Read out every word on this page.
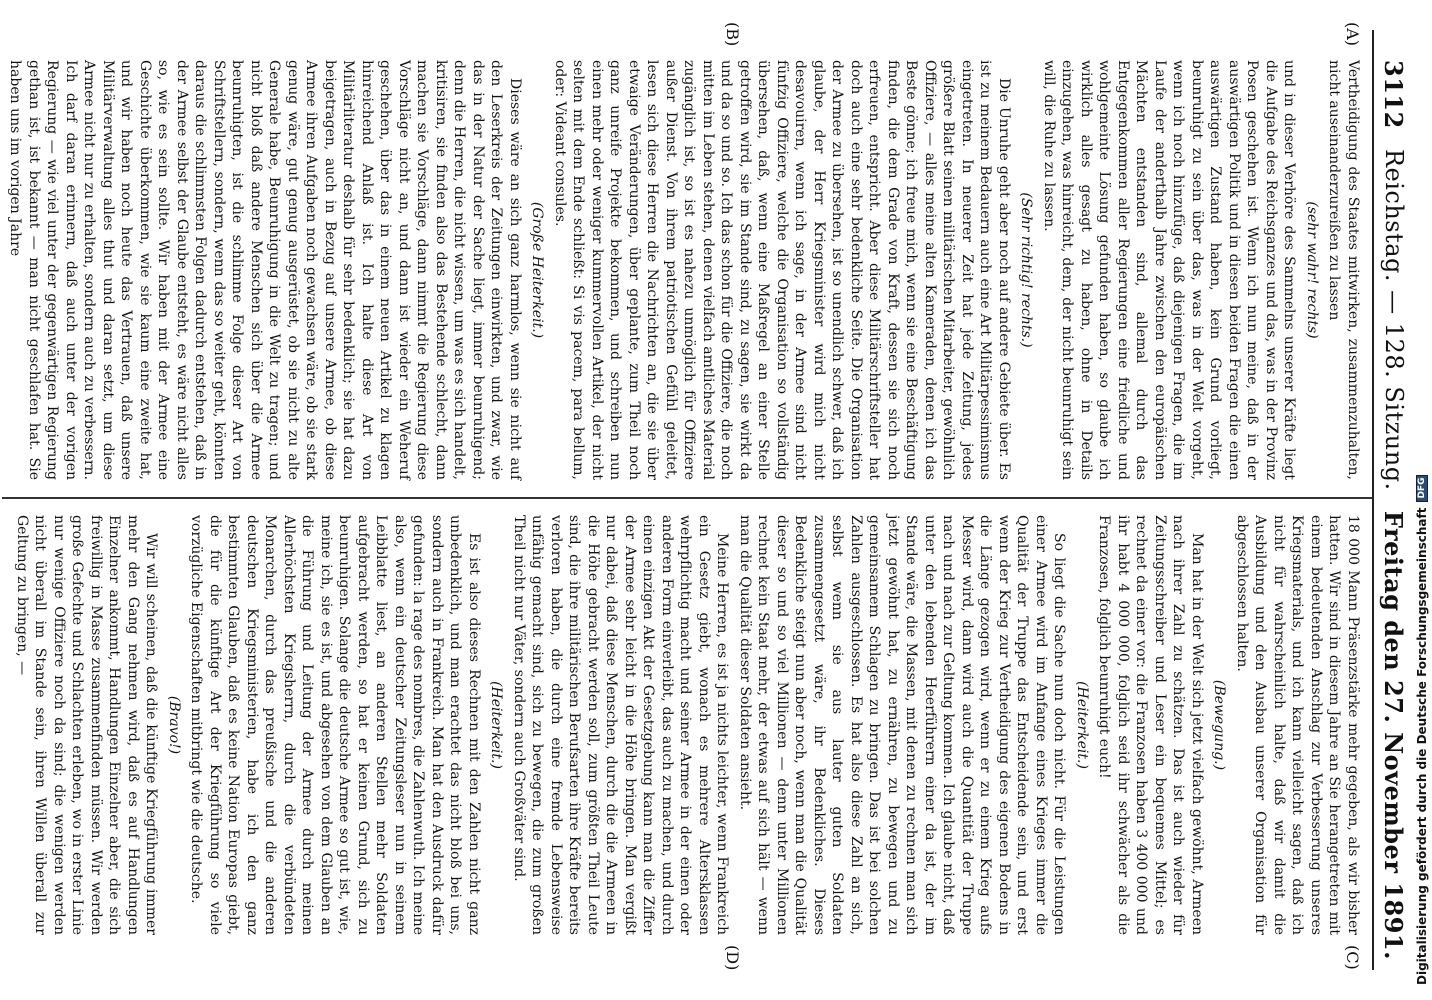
3112
Reichstag. — 128. Sitzung.
Freitag den 27. November 1891.
(A)
(B)
(C)
(D)

Vertheidigung des Staates mitwirken, zusammenzuhalten, nicht auseinanderzureißen zu lassen

(sehr wahr! rechts)

und in dieser Verhöre des Sammelns unserer Kräfte liegt die Aufgabe des Reichsganzes und das, was in der Provinz Posen geschehen ist. Wenn ich nun meine, daß in der auswärtigen Politik und in diesen beiden Fragen die einen auswärtigen Zustand haben, kein Grund vorliegt, beunruhigt zu sein über das, was in der Welt vorgeht, wenn ich noch hinzufüge, daß diejenigen Fragen, die im Laufe der anderthalb Jahre zwischen den europäischen Mächten entstanden sind, allemal durch das Entgegenkommen aller Regierungen eine friedliche und wohlgemeinte Lösung gefunden haben, so glaube ich wirklich alles gesagt zu haben, ohne in Details einzugehen, was hinreicht, dem, der nicht beunruhigt sein will, die Ruhe zu lassen.

(Sehr richtig! rechts.)

Die Unruhe geht aber noch auf andere Gebiete über. Es ist zu meinem Bedauern auch eine Art Militärpessimismus eingetreten. In neuerer Zeit hat jede Zeitung, jedes größere Blatt seinen militärischen Mitarbeiter, gewöhnlich Offiziere, — alles meine alten Kameraden, denen ich das Beste gönne; ich freue mich, wenn sie eine Beschäftigung finden, die dem Grade von Kraft, dessen sie sich noch erfreuen, entspricht. Aber diese Militärschriftsteller hat doch auch eine sehr bedenkliche Seite. Die Organisation der Armee zu übersehen, ist so unendlich schwer, daß ich glaube, der Herr Kriegsminister wird mich nicht desavouiren, wenn ich sage, in der Armee sind nicht fünfzig Offiziere, welche die Organisation so vollständig übersehen, daß, wenn eine Maßregel an einer Stelle getroffen wird, sie im Stande sind, zu sagen, sie wirkt da und da so und so. Ich das schon für die Offiziere, die noch mitten im Leben stehen, denen vielfach amtliches Material zugänglich ist, so ist es nahezu unmöglich für Offiziere außer Dienst. Von ihrem patriotischen Gefühl geleitet, lesen sich diese Herren die Nachrichten an, die sie über etwaige Veränderungen, über geplante, zum Theil noch ganz unreife Projekte bekommen, und schreiben nun einen mehr oder weniger kummervollen Artikel, der nicht selten mit dem Ende schließt: Si vis pacem, para bellum, oder: Videant consules.

(Große Heiterkeit.)

Dieses wäre an sich ganz harmlos, wenn sie nicht auf den Leserkreis der Zeitungen einwirkten, und zwar, wie das in der Natur der Sache liegt, immer beunruhigend; denn die Herren, die nicht wissen, um was es sich handelt, kritisiren, sie finden also das Bestehende schlecht, dann machen sie Vorschläge, dann nimmt die Regierung diese Vorschläge nicht an, und dann ist wieder ein Weheruf geschehen, über das in einem neuen Artikel zu klagen hinreichend Anlaß ist. Ich halte diese Art von Militärliteratur deshalb für sehr bedenklich; sie hat dazu beigetragen, auch in Bezug auf unsere Armee, ob diese Armee ihren Aufgaben noch gewachsen wäre, ob sie stark genug wäre, gut genug ausgerüstet, ob sie nicht zu alte Generale habe, Beunruhigung in die Welt zu tragen; und nicht bloß daß andere Menschen sich über die Armee beunruhigten, ist die schlimme Folge dieser Art von Schriftstellern, sondern, wenn das so weiter geht, könnten daraus die schlimmsten Folgen dadurch entstehen, daß in der Armee selbst der Glaube entsteht, es wäre nicht alles so, wie es sein sollte. Wir haben mit der Armee eine Geschichte überkommen, wie sie kaum eine zweite hat, und wir haben noch heute das Vertrauen, daß unsere Militärverwaltung alles thut und daran setzt, um diese Armee nicht nur zu erhalten, sondern auch zu verbessern. Ich darf daran erinnern, daß auch unter der vorigen Regierung — wie viel unter der gegenwärtigen Regierung gethan ist, ist bekannt — man nicht geschlafen hat. Sie haben uns im vorigen Jahre

18 000 Mann Präsenzstärke mehr gegeben, als wir bisher hatten. Wir sind in diesem Jahre an Sie herangetreten mit einem bedeutenden Anschlag zur Verbesserung unseres Kriegsmaterials, und ich kann vielleicht sagen, daß ich nicht für wahrscheinlich halte, daß wir damit die Ausbildung und den Ausbau unserer Organisation für abgeschlossen halten.

(Bewegung.)

Man hat in der Welt sich jetzt vielfach gewöhnt, Armeen nach ihrer Zahl zu schätzen. Das ist auch wieder für Zeitungsschreiber und Leser ein bequemes Mittel; es rechnet da einer vor: die Franzosen haben 3 400 000 und ihr habt 4 000 000, folglich seid ihr schwächer als die Franzosen, folglich beunruhigt euch!

(Heiterkeit.)

So liegt die Sache nun doch nicht. Für die Leistungen einer Armee wird im Anfange eines Krieges immer die Qualität der Truppe das Entscheidende sein, und erst wenn der Krieg zur Vertheidigung des eigenen Bodens in die Länge gezogen wird, wenn er zu einem Krieg aufs Messer wird, dann wird auch die Quantität der Truppe nach und nach zur Geltung kommen. Ich glaube nicht, daß unter den lebenden Heerführern einer da ist, der im Stande wäre, die Massen, mit denen zu rechnen man sich jetzt gewöhnt hat, zu ernähren, zu bewegen und zu gemeinsamem Schlagen zu bringen. Das ist bei solchen Zahlen ausgeschlossen. Es hat also diese Zahl an sich, selbst wenn sie aus lauter guten Soldaten zusammengesetzt wäre, ihr Bedenkliches. Dieses Bedenkliche steigt nun aber noch, wenn man die Qualität dieser so und so viel Millionen — denn unter Millionen rechnet kein Staat mehr, der etwas auf sich hält — wenn man die Qualität dieser Soldaten ansieht.

Meine Herren, es ist ja nichts leichter, wenn Frankreich ein Gesetz giebt, wonach es mehrere Altersklassen wehrpflichtig macht und seiner Armee in der einen oder anderen Form einverleibt, das auch zu machen, und durch einen einzigen Akt der Gesetzgebung kann man die Ziffer der Armee sehr leicht in die Höhe bringen. Man vergißt nur dabei, daß diese Menschen, durch die die Armeen in die Höhe gebracht werden soll, zum größten Theil Leute sind, die ihre militärischen Berufsarten ihre Kräfte bereits verloren haben, die durch eine fremde Lebensweise unfähig gemacht sind, sich zu bewegen, die zum großen Theil nicht nur Väter, sondern auch Großväter sind.

(Heiterkeit.)

Es ist also dieses Rechnen mit den Zahlen nicht ganz unbedenklich, und man erachtet das nicht bloß bei uns, sondern auch in Frankreich. Man hat den Ausdruck dafür gefunden: la rage des nombres, die Zahlenwuth. Ich meine also, wenn ein deutscher Zeitungsleser nun in seinem Leibblatte liest, an anderen Stellen mehr Soldaten aufgebracht werden, so hat er keinen Grund, sich zu beunruhigen. Solange die deutsche Armee so gut ist, wie, meine ich, sie es ist, und abgesehen von dem Glauben an die Führung und Leitung der Armee durch meinen Allerhöchsten Kriegsherrn, durch die verbündeten Monarchen, durch das preußische und die anderen deutschen Kriegsministerien, habe ich den ganz bestimmten Glauben, daß es keine Nation Europas giebt, die für die künftige Art der Kriegführung so viele vorzügliche Eigenschaften mitbringt wie die deutsche.

(Bravo!)

Wir will scheinen, daß die künftige Kriegführung immer mehr den Gang nehmen wird, daß es auf Handlungen Einzelner ankommt, Handlungen Einzelner aber, die sich freiwillig in Masse zusammenfinden müssen. Wir werden große Gefechte und Schlachten erleben, wo in erster Linie nur wenige Offiziere noch da sind; die wenigen werden nicht überall im Stande sein, ihren Willen überall zur Geltung zu bringen, —	Digitalisierung gefördert durch die Deutsche Forschungsgemeinschaft
DFG
